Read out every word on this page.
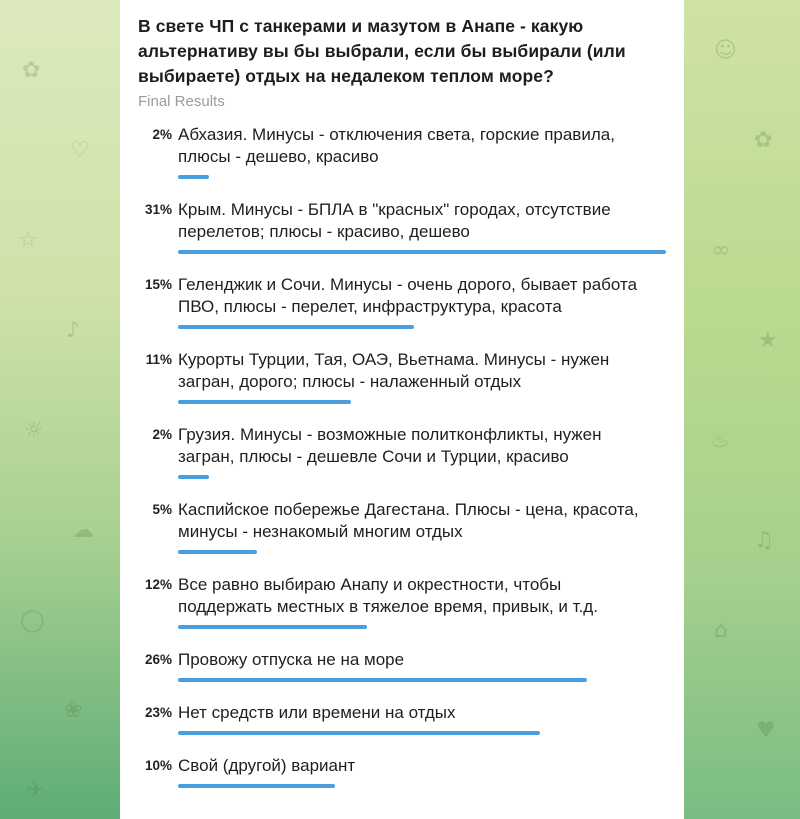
✿
♡
☆
♪
☼
☁
◯
❀
✈
☺
✿
∞
★
♨
♫
⌂
♥

В свете ЧП с танкерами и мазутом в Анапе - какую альтернативу вы бы выбрали, если бы выбирали (или выбираете) отдых на недалеком теплом море?

Final Results
2% Абхазия. Минусы - отключения света, горские правила, плюсы - дешево, красиво
31% Крым. Минусы - БПЛА в "красных" городах, отсутствие перелетов; плюсы - красиво, дешево
15% Геленджик и Сочи. Минусы - очень дорого, бывает работа ПВО, плюсы - перелет, инфраструктура, красота
11% Курорты Турции, Тая, ОАЭ, Вьетнама. Минусы - нужен загран, дорого; плюсы - налаженный отдых
2% Грузия. Минусы - возможные политконфликты, нужен загран, плюсы - дешевле Сочи и Турции, красиво
5% Каспийское побережье Дагестана. Плюсы - цена, красота, минусы - незнакомый многим отдых
12% Все равно выбираю Анапу и окрестности, чтобы поддержать местных в тяжелое время, привык, и т.д.
26% Провожу отпуска не на море
23% Нет средств или времени на отдых
10% Свой (другой) вариант
